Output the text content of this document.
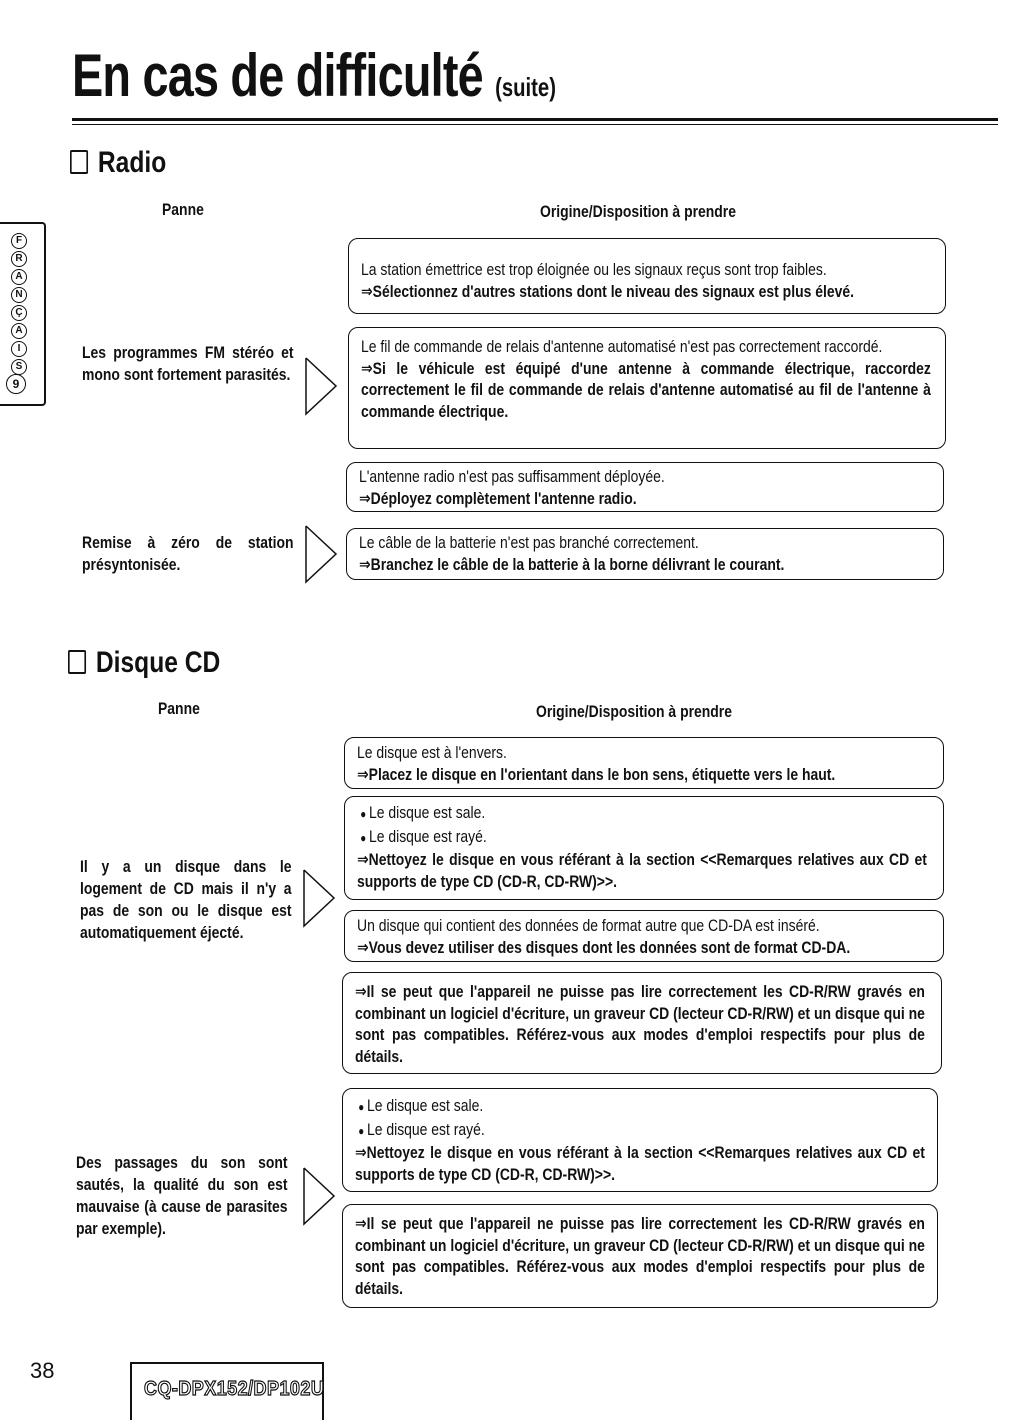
En cas de difficulté (suite)
F
R
A
N
Ç
A
I
S
9
Radio
Panne	Origine/Disposition à prendre
Les programmes FM stéréo et mono sont fortement parasités.
Remise à zéro de station présyntonisée.
La station émettrice est trop éloignée ou les signaux reçus sont trop faibles.
⇒Sélectionnez d'autres stations dont le niveau des signaux est plus élevé.
Le fil de commande de relais d'antenne automatisé n'est pas correctement raccordé.
⇒Si le véhicule est équipé d'une antenne à commande électrique, raccordez correctement le fil de commande de relais d'antenne automatisé au fil de l'antenne à commande électrique.
L'antenne radio n'est pas suffisamment déployée.
⇒Déployez complètement l'antenne radio.
Le câble de la batterie n'est pas branché correctement.
⇒Branchez le câble de la batterie à la borne délivrant le courant.
Disque CD
Panne	Origine/Disposition à prendre
Il y a un disque dans le logement de CD mais il n'y a pas de son ou le disque est automatiquement éjecté.
Des passages du son sont sautés, la qualité du son est mauvaise (à cause de parasites par exemple).
Le disque est à l'envers.
⇒Placez le disque en l'orientant dans le bon sens, étiquette vers le haut.
● Le disque est sale.
● Le disque est rayé.
⇒Nettoyez le disque en vous référant à la section <<Remarques relatives aux CD et supports de type CD (CD-R, CD-RW)>>.
Un disque qui contient des données de format autre que CD-DA est inséré.
⇒Vous devez utiliser des disques dont les données sont de format CD-DA.
⇒Il se peut que l'appareil ne puisse pas lire correctement les CD-R/RW gravés en combinant un logiciel d'écriture, un graveur CD (lecteur CD-R/RW) et un disque qui ne sont pas compatibles. Référez-vous aux modes d'emploi respectifs pour plus de détails.
● Le disque est sale.
● Le disque est rayé.
⇒Nettoyez le disque en vous référant à la section <<Remarques relatives aux CD et supports de type CD (CD-R, CD-RW)>>.
⇒Il se peut que l'appareil ne puisse pas lire correctement les CD-R/RW gravés en combinant un logiciel d'écriture, un graveur CD (lecteur CD-R/RW) et un disque qui ne sont pas compatibles. Référez-vous aux modes d'emploi respectifs pour plus de détails.
38
CQ-DPX152/DP102U
